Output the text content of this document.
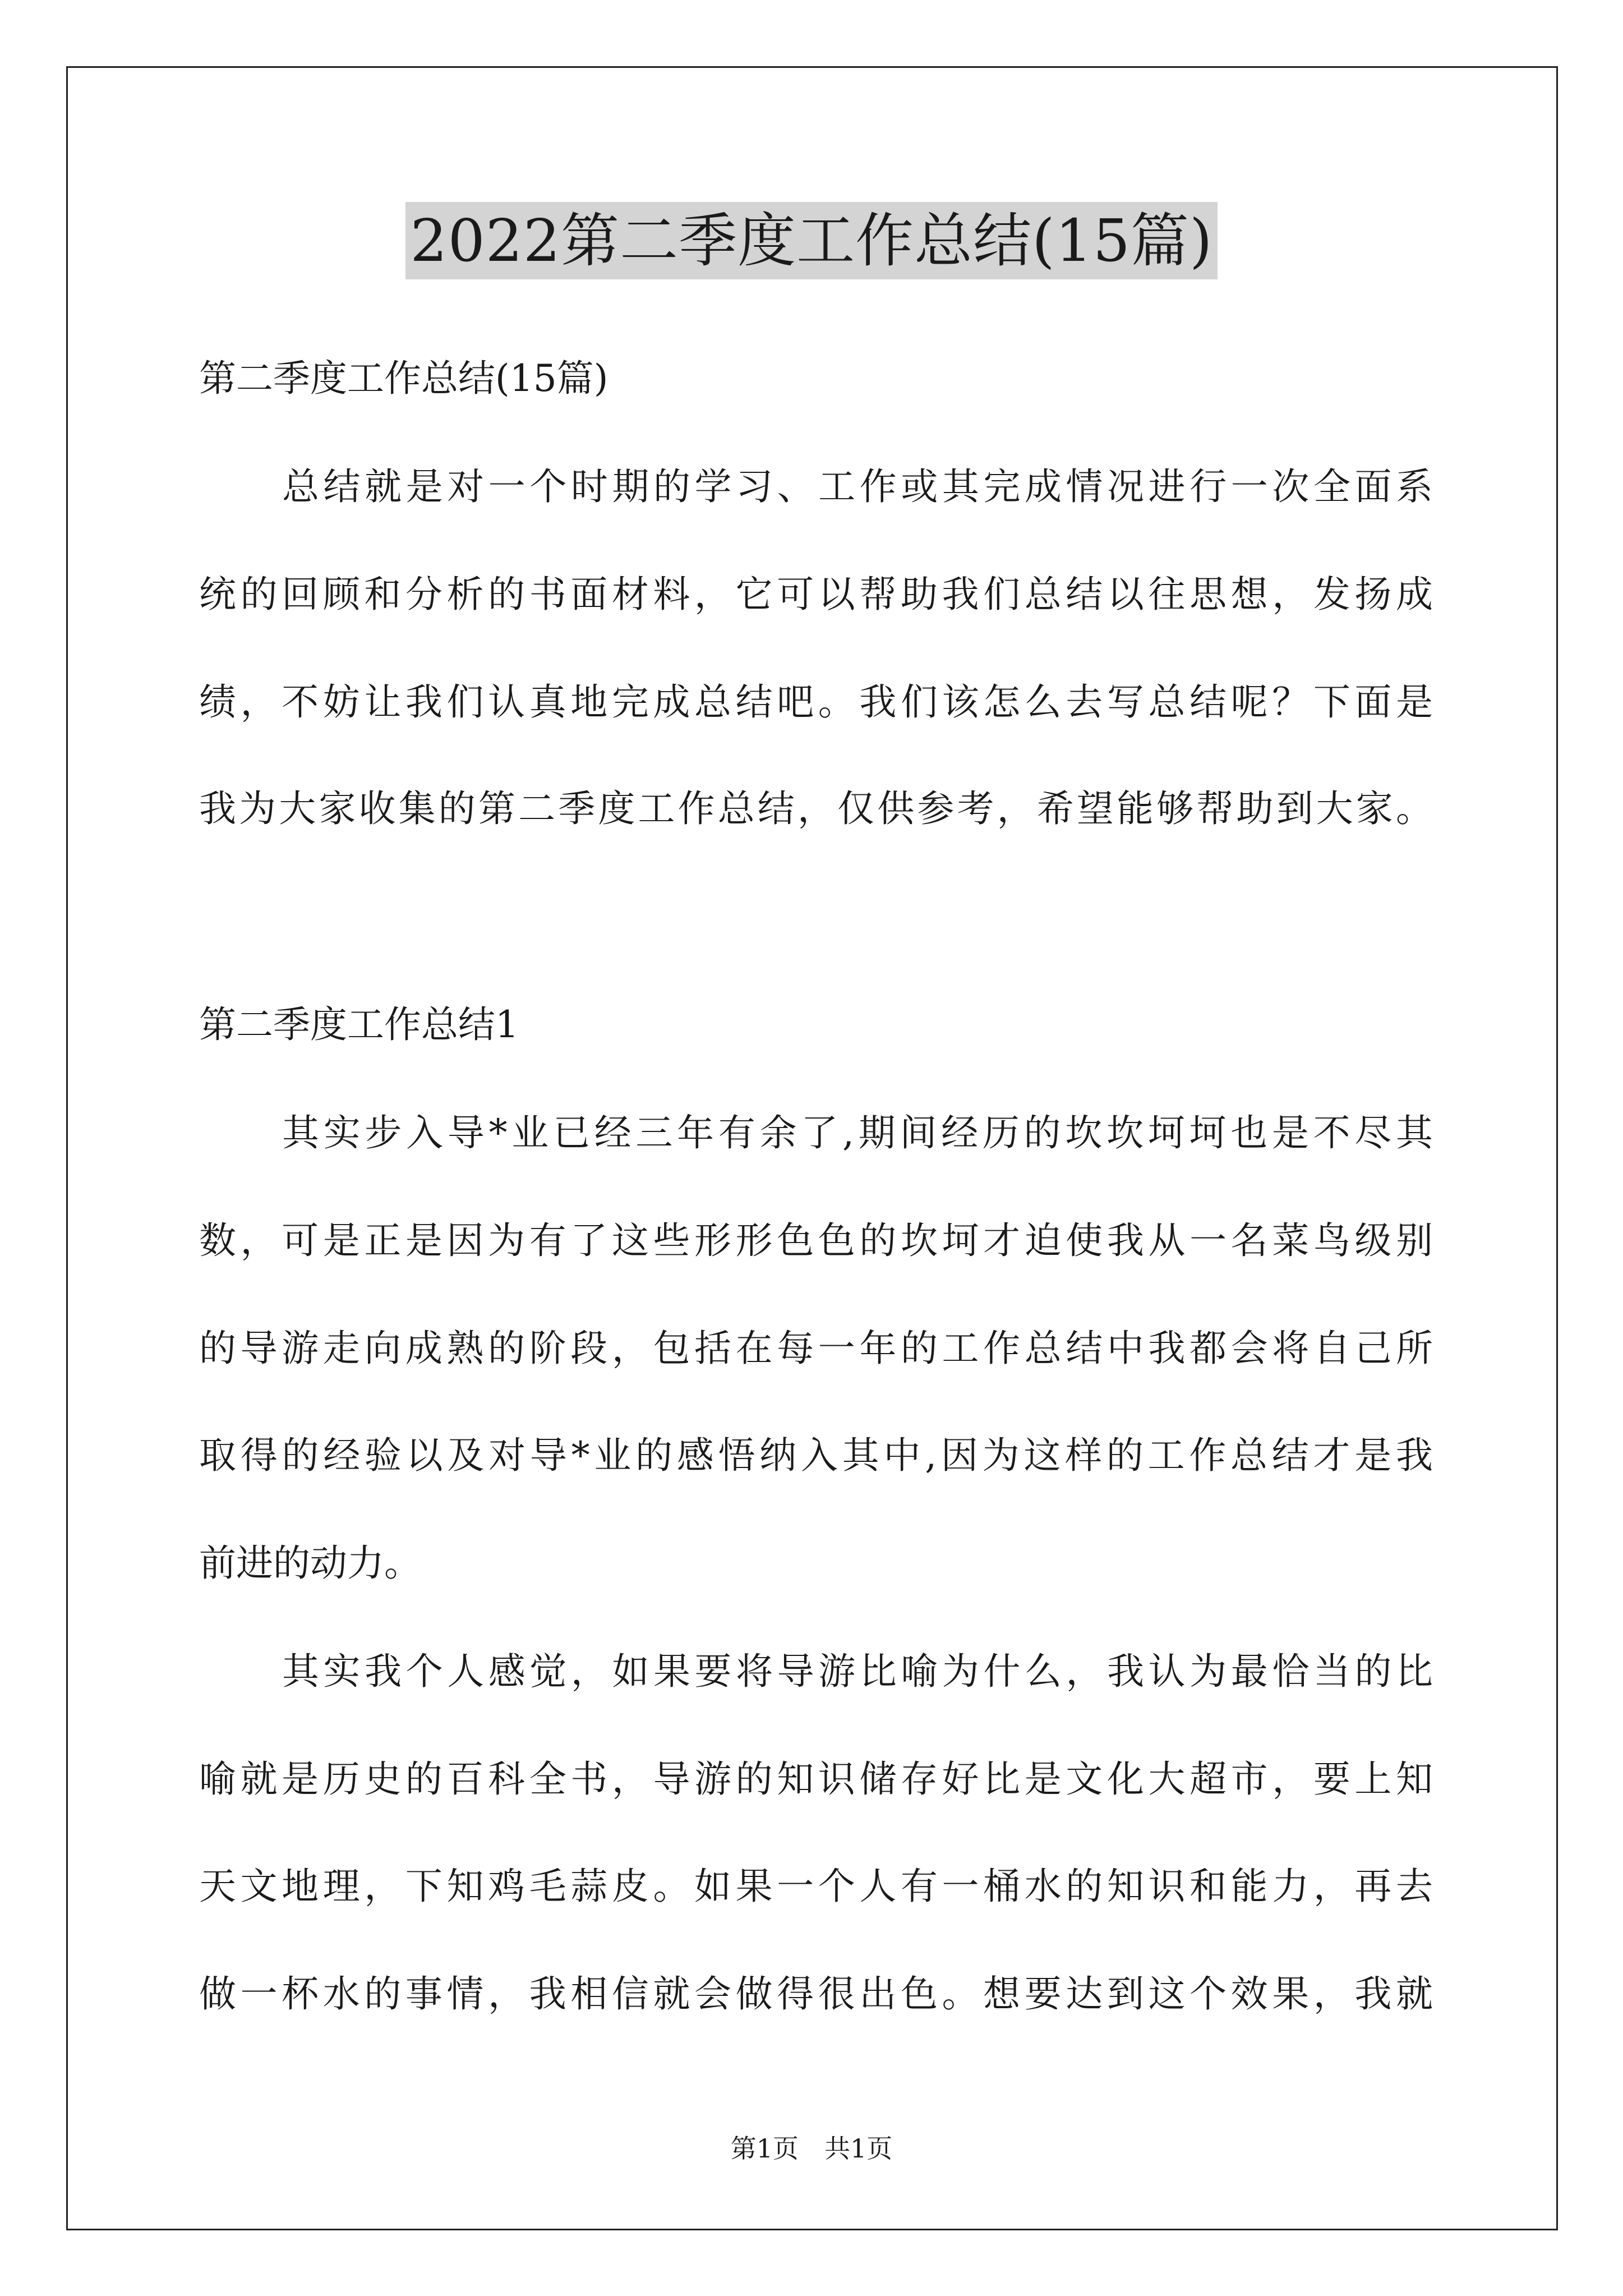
2022第二季度工作总结(15篇)
第二季度工作总结(15篇)
总结就是对一个时期的学习、工作或其完成情况进行一次全面系
统的回顾和分析的书面材料，它可以帮助我们总结以往思想，发扬成
绩，不妨让我们认真地完成总结吧。我们该怎么去写总结呢？下面是
我为大家收集的第二季度工作总结，仅供参考，希望能够帮助到大家。
第二季度工作总结1
其实步入导*业已经三年有余了,期间经历的坎坎坷坷也是不尽其
数，可是正是因为有了这些形形色色的坎坷才迫使我从一名菜鸟级别
的导游走向成熟的阶段，包括在每一年的工作总结中我都会将自己所
取得的经验以及对导*业的感悟纳入其中,因为这样的工作总结才是我
前进的动力。
其实我个人感觉，如果要将导游比喻为什么，我认为最恰当的比
喻就是历史的百科全书，导游的知识储存好比是文化大超市，要上知
天文地理，下知鸡毛蒜皮。如果一个人有一桶水的知识和能力，再去
做一杯水的事情，我相信就会做得很出色。想要达到这个效果，我就
第1页　共1页
